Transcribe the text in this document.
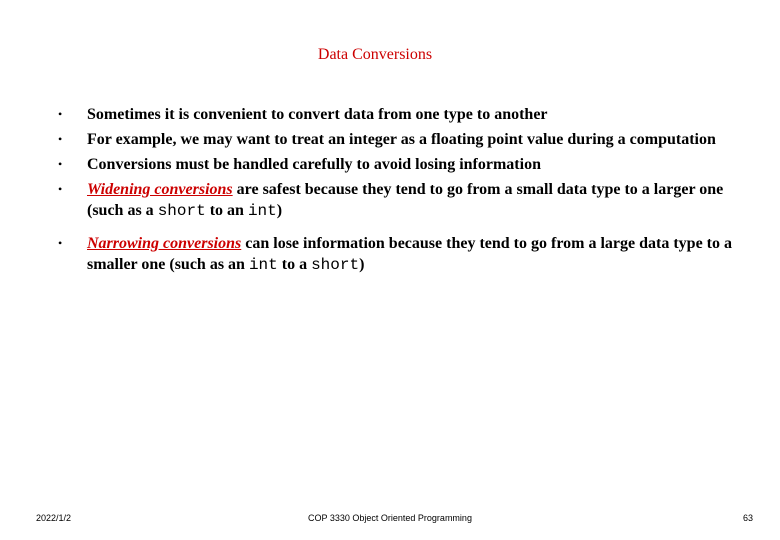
Data Conversions
• Sometimes it is convenient to convert data from one type to another
• For example, we may want to treat an integer as a floating point value during a computation
• Conversions must be handled carefully to avoid losing information
• Widening conversions are safest because they tend to go from a small data type to a larger one (such as a short to an int)
• Narrowing conversions can lose information because they tend to go from a large data type to a smaller one (such as an int to a short)
2022/1/2	COP 3330 Object Oriented Programming	63
